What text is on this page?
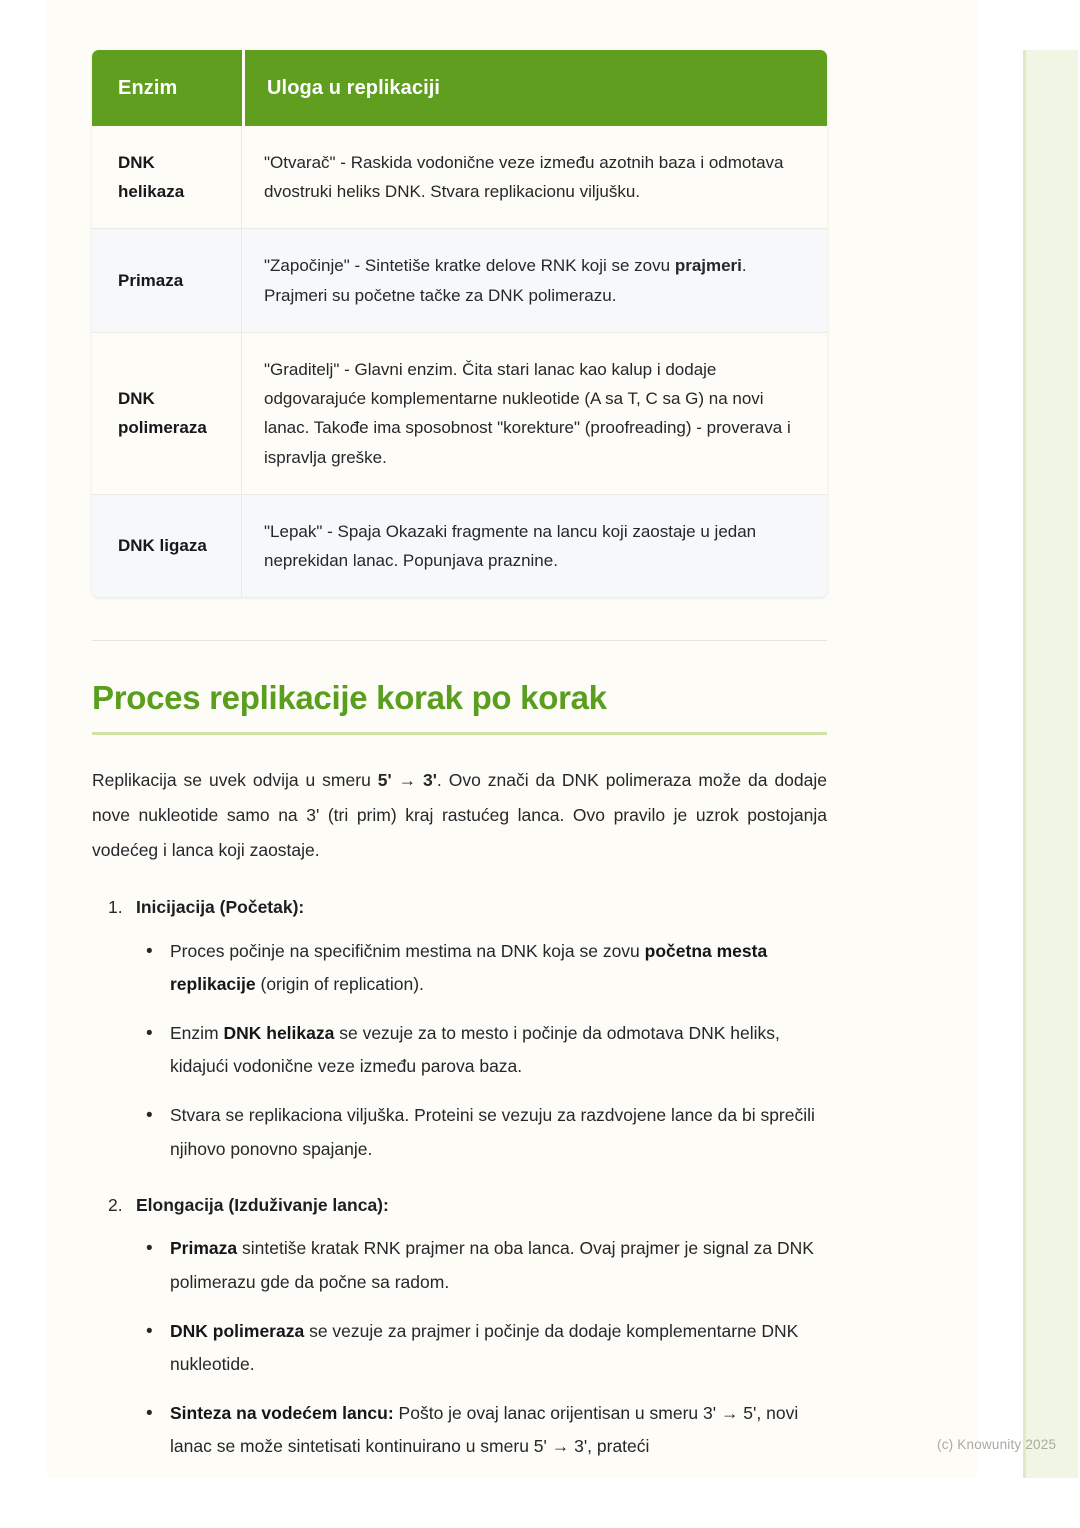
Enzim	Uloga u replikaciji

DNK
helikaza	"Otvarač" - Raskida vodonične veze između azotnih baza i odmotava dvostruki heliks DNK. Stvara replikacionu viljušku.
Primaza	"Započinje" - Sintetiše kratke delove RNK koji se zovu prajmeri. Prajmeri su početne tačke za DNK polimerazu.

DNK
polimeraza	"Graditelj" - Glavni enzim. Čita stari lanac kao kalup i dodaje odgovarajuće komplementarne nukleotide (A sa T, C sa G) na novi lanac. Takođe ima sposobnost "korekture" (proofreading) - proverava i ispravlja greške.
DNK ligaza	"Lepak" - Spaja Okazaki fragmente na lancu koji zaostaje u jedan neprekidan lanac. Popunjava praznine.
Proces replikacije korak po korak

Replikacija se uvek odvija u smeru 5' → 3'. Ovo znači da DNK polimeraza može da dodaje nove nukleotide samo na 3' (tri prim) kraj rastućeg lanca. Ovo pravilo je uzrok postojanja vodećeg i lanca koji zaostaje.

Inicijacija (Početak):
• Proces počinje na specifičnim mestima na DNK koja se zovu početna mesta replikacije (origin of replication).
• Enzim DNK helikaza se vezuje za to mesto i počinje da odmotava DNK heliks, kidajući vodonične veze između parova baza.
• Stvara se replikaciona viljuška. Proteini se vezuju za razdvojene lance da bi sprečili njihovo ponovno spajanje.
Elongacija (Izduživanje lanca):
• Primaza sintetiše kratak RNK prajmer na oba lanca. Ovaj prajmer je signal za DNK polimerazu gde da počne sa radom.
• DNK polimeraza se vezuje za prajmer i počinje da dodaje komplementarne DNK nukleotide.
• Sinteza na vodećem lancu: Pošto je ovaj lanac orijentisan u smeru 3' → 5', novi lanac se može sintetisati kontinuirano u smeru 5' → 3', prateći	(c) Knowunity 2025
